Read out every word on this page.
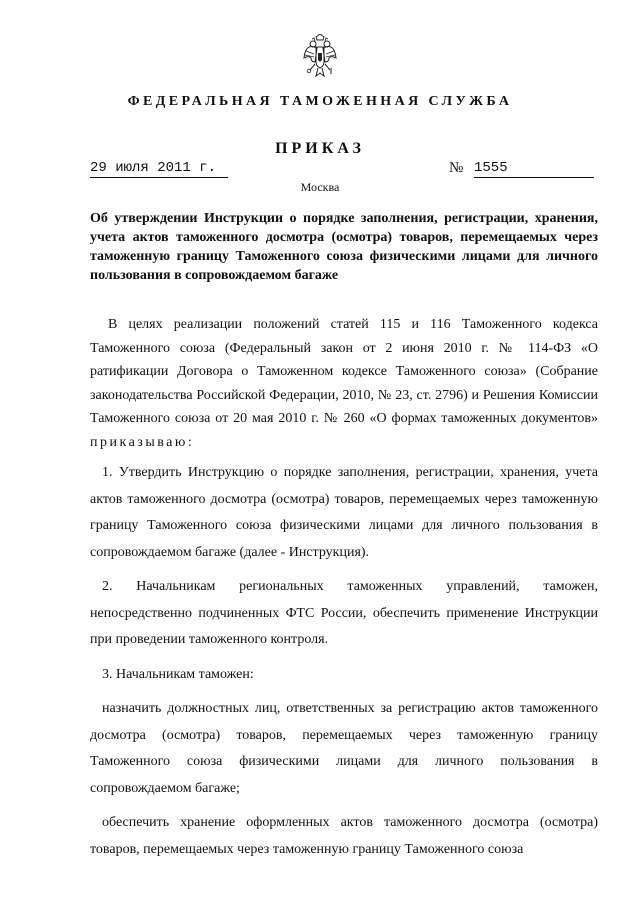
ФЕДЕРАЛЬНАЯ ТАМОЖЕННАЯ СЛУЖБА
ПРИКАЗ
29 июля 2011 г.	№ 1555
Москва

Об утверждении Инструкции о порядке заполнения, регистрации, хранения, учета актов таможенного досмотра (осмотра) товаров, перемещаемых через таможенную границу Таможенного союза физическими лицами для личного пользования в сопровождаемом багаже

В целях реализации положений статей 115 и 116 Таможенного кодекса Таможенного союза (Федеральный закон от 2 июня 2010 г. № 114-ФЗ «О ратификации Договора о Таможенном кодексе Таможенного союза» (Собрание законодательства Российской Федерации, 2010, № 23, ст. 2796) и Решения Комиссии Таможенного союза от 20 мая 2010 г. № 260 «О формах таможенных документов» приказываю:

1. Утвердить Инструкцию о порядке заполнения, регистрации, хранения, учета актов таможенного досмотра (осмотра) товаров, перемещаемых через таможенную границу Таможенного союза физическими лицами для личного пользования в сопровождаемом багаже (далее - Инструкция).

2. Начальникам региональных таможенных управлений, таможен, непосредственно подчиненных ФТС России, обеспечить применение Инструкции при проведении таможенного контроля.

3. Начальникам таможен:

назначить должностных лиц, ответственных за регистрацию актов таможенного досмотра (осмотра) товаров, перемещаемых через таможенную границу Таможенного союза физическими лицами для личного пользования в сопровождаемом багаже;

обеспечить хранение оформленных актов таможенного досмотра (осмотра) товаров, перемещаемых через таможенную границу Таможенного союза
